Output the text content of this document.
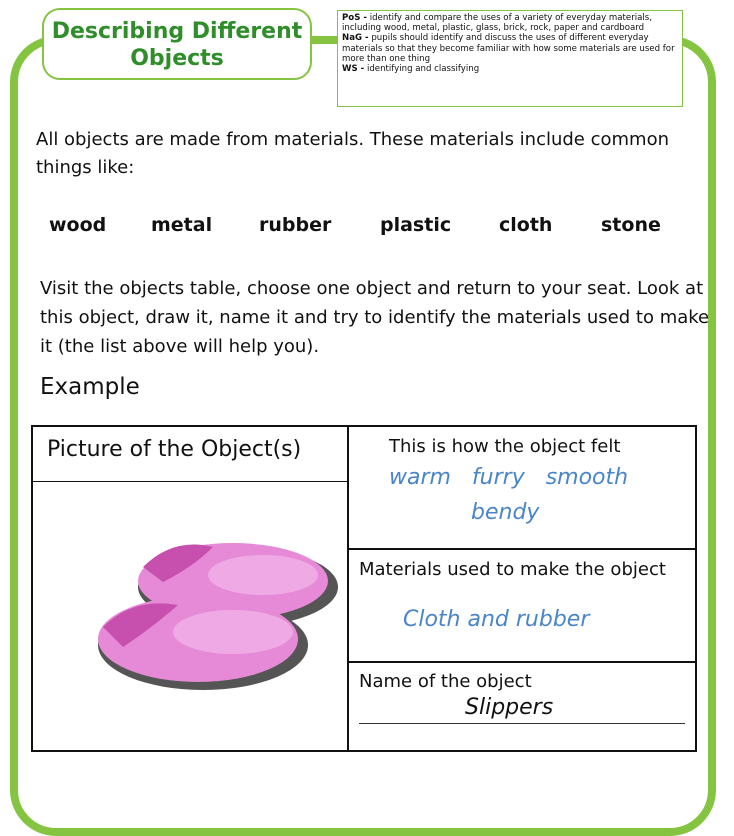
Describing Different
Objects
PoS - identify and compare the uses of a variety of everyday materials, including wood, metal, plastic, glass, brick, rock, paper and cardboard
NaG - pupils should identify and discuss the uses of different everyday materials so that they become familiar with how some materials are used for more than one thing
WS - identifying and classifying
All objects are made from materials. These materials include common things like:
wood metal rubber	plastic	cloth	stone
Visit the objects table, choose one object and return to your seat. Look at this object, draw it, name it and try to identify the materials used to make it (the list above will help you).
Example
Picture of the Object(s)	This is how the object felt
warm   furry   smooth
bendy
Materials used to make the object
Cloth and rubber
Name of the object
Slippers
